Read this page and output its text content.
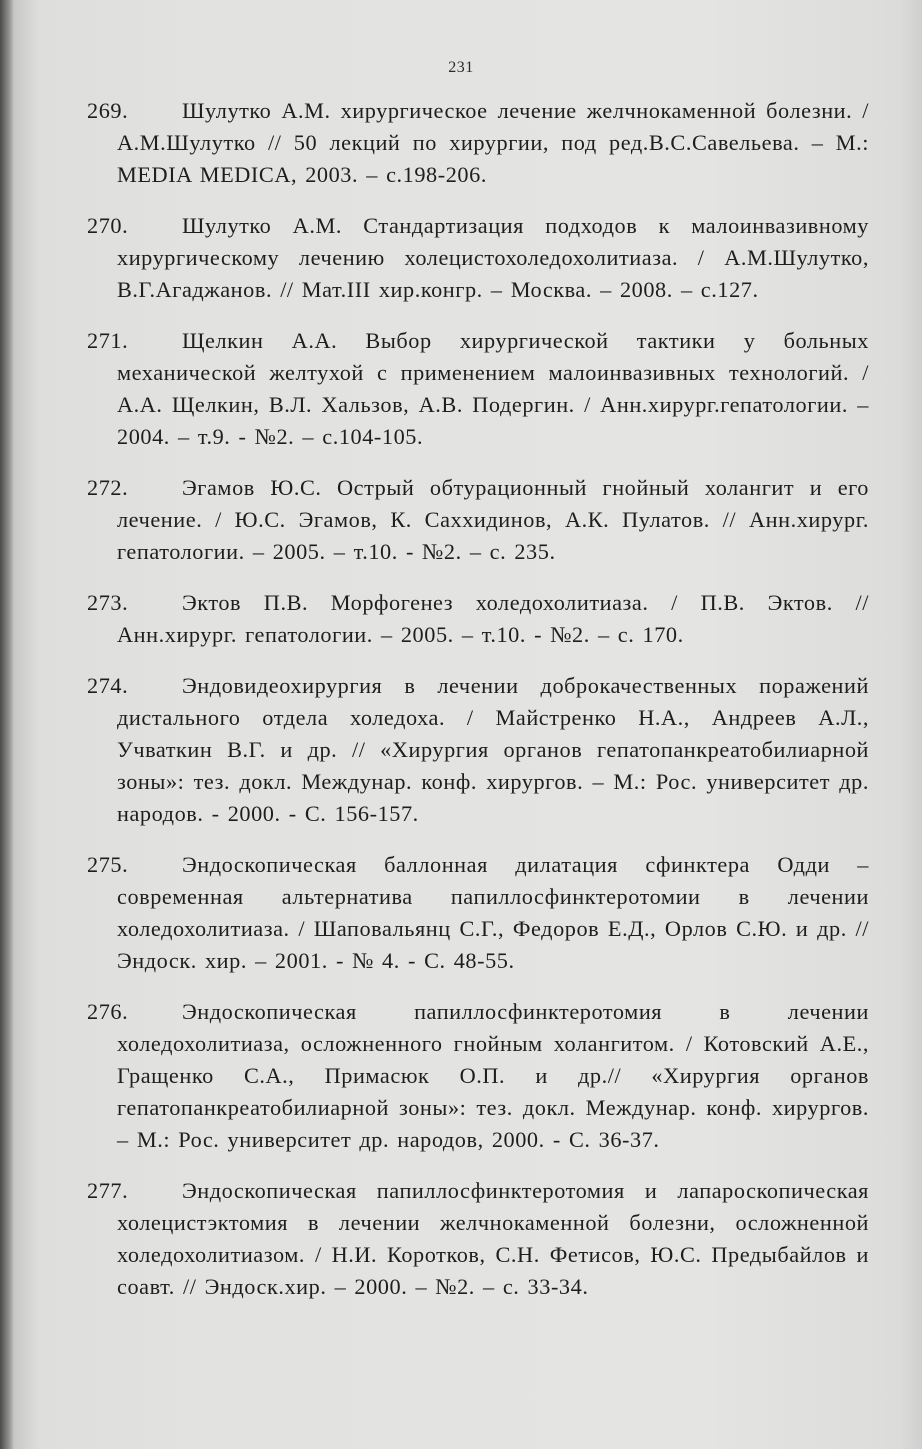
231
269.	Шулутко А.М. хирургическое лечение желчнокаменной болезни. / А.М.Шулутко // 50 лекций по хирургии, под ред.В.С.Савельева. – М.: MEDIA MEDICA, 2003. – с.198-206.
270.	Шулутко А.М. Стандартизация подходов к малоинвазивному хирургическому лечению холецистохоледохолитиаза. / А.М.Шулутко, В.Г.Агаджанов. // Мат.III хир.конгр. – Москва. – 2008. – с.127.
271.	Щелкин А.А. Выбор хирургической тактики у больных механической желтухой с применением малоинвазивных технологий. / А.А. Щелкин, В.Л. Хальзов, А.В. Подергин. / Анн.хирург.гепатологии. – 2004. – т.9. - №2. – с.104-105.
272.	Эгамов Ю.С. Острый обтурационный гнойный холангит и его лечение. / Ю.С. Эгамов, К. Саххидинов, А.К. Пулатов. // Анн.хирург. гепатологии. – 2005. – т.10. - №2. – с. 235.
273.	Эктов П.В. Морфогенез холедохолитиаза. / П.В. Эктов. // Анн.хирург. гепатологии. – 2005. – т.10. - №2. – с. 170.
274.	Эндовидеохирургия в лечении доброкачественных поражений дистального отдела холедоха. / Майстренко Н.А., Андреев А.Л., Учваткин В.Г. и др. // «Хирургия органов гепатопанкреатобилиарной зоны»: тез. докл. Междунар. конф. хирургов. – М.: Рос. университет др. народов. - 2000. - С. 156-157.
275.	Эндоскопическая баллонная дилатация сфинктера Одди – современная альтернатива папиллосфинктеротомии в лечении холедохолитиаза. / Шаповальянц С.Г., Федоров Е.Д., Орлов С.Ю. и др. // Эндоск. хир. – 2001. - № 4. - С. 48-55.
276.	Эндоскопическая папиллосфинктеротомия в лечении холедохолитиаза, осложненного гнойным холангитом. / Котовский А.Е., Гращенко С.А., Примасюк О.П. и др.// «Хирургия органов гепатопанкреатобилиарной зоны»: тез. докл. Междунар. конф. хирургов. – М.: Рос. университет др. народов, 2000. - С. 36-37.
277.	Эндоскопическая папиллосфинктеротомия и лапароскопическая холецистэктомия в лечении желчнокаменной болезни, осложненной холедохолитиазом. / Н.И. Коротков, С.Н. Фетисов, Ю.С. Предыбайлов и соавт. // Эндоск.хир. – 2000. – №2. – с. 33-34.
